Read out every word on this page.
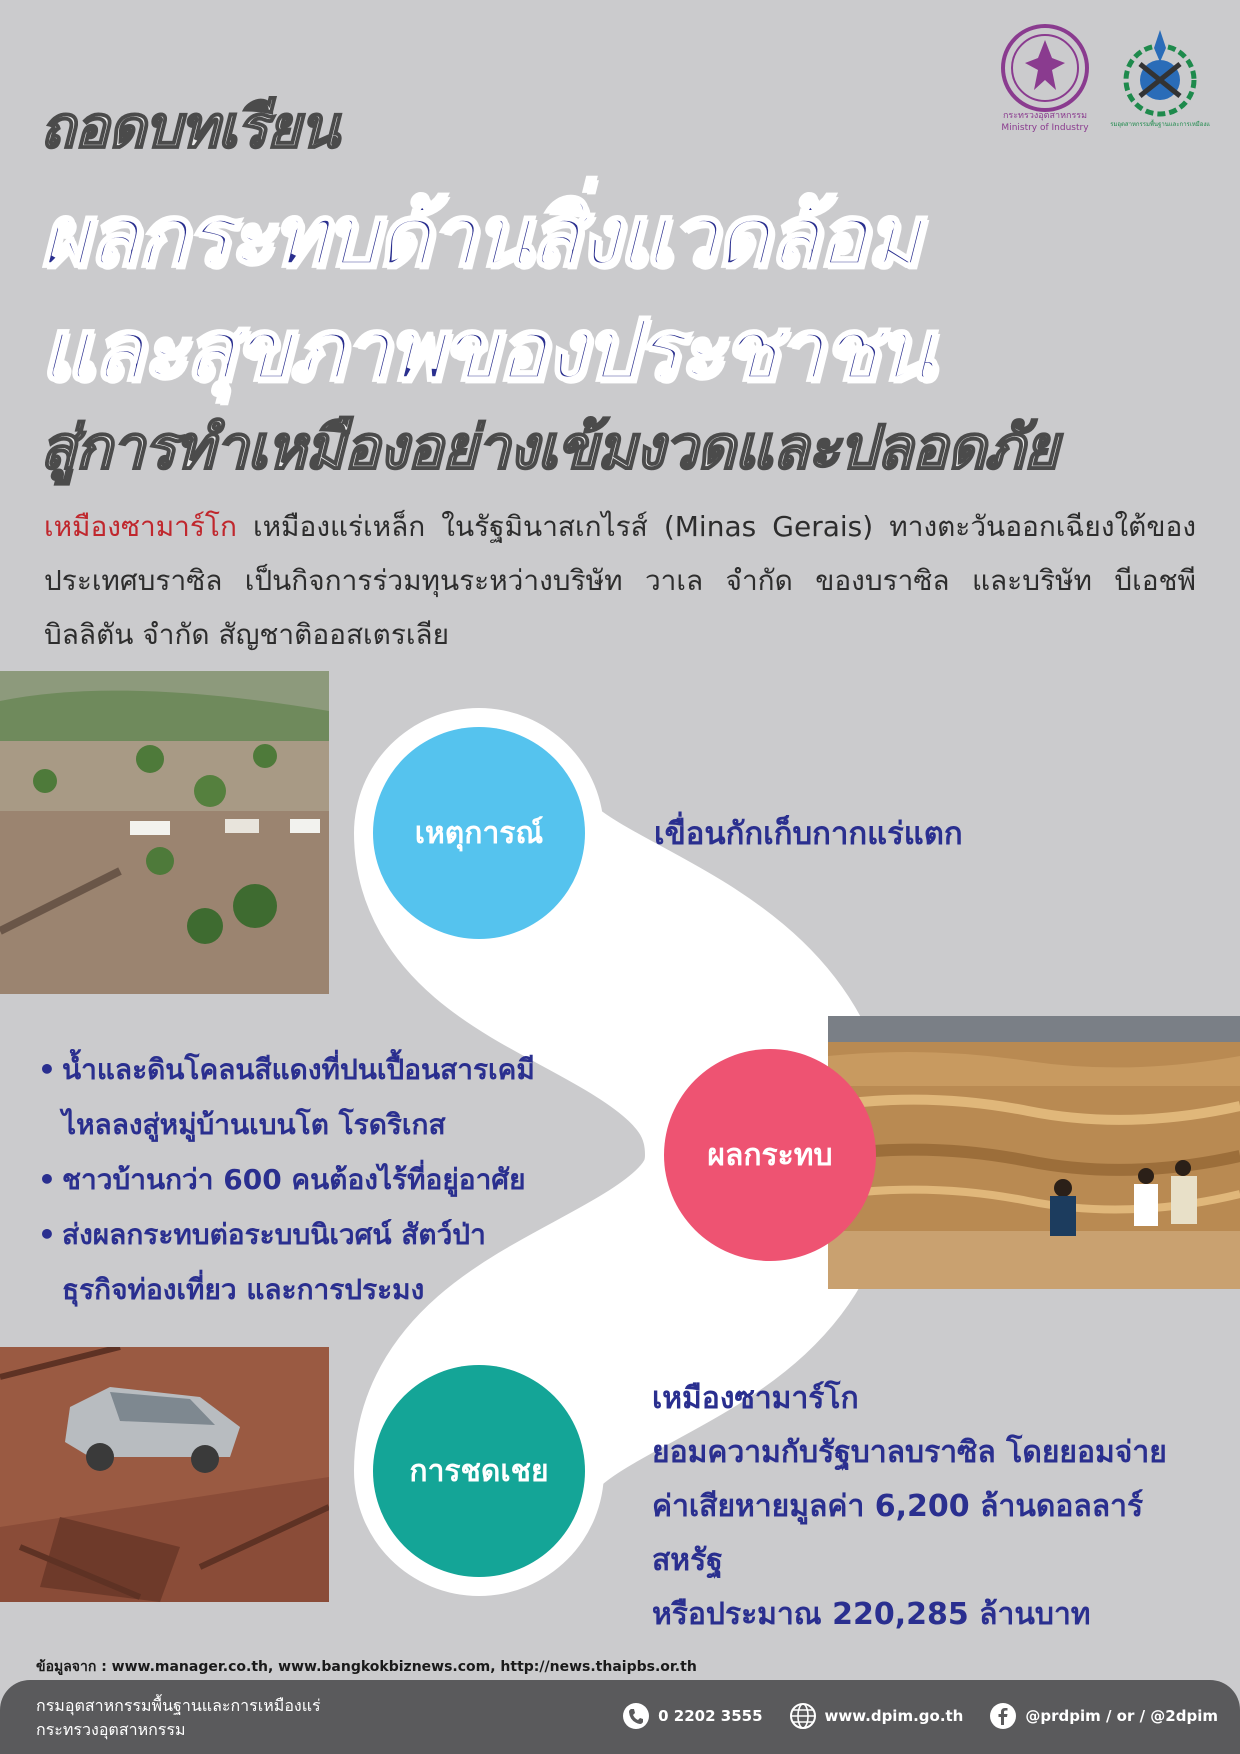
กระทรวงอุตสาหกรรม
Ministry of Industry	กรมอุตสาหกรรมพื้นฐานและการเหมืองแร่
ถอดบทเรียน
ผลกระทบด้านสิ่งแวดล้อม
และสุขภาพของประชาชน
สู่การทำเหมืองอย่างเข้มงวดและปลอดภัย
เหมืองซามาร์โก เหมืองแร่เหล็ก ในรัฐมินาสเกไรส์ (Minas Gerais) ทางตะวันออกเฉียงใต้ของประเทศบราซิล เป็นกิจการร่วมทุนระหว่างบริษัท วาเล จำกัด ของบราซิล และบริษัท บีเอชพี บิลลิตัน จำกัด สัญชาติออสเตรเลีย
เหตุการณ์
ผลกระทบ
การชดเชย
เขื่อนกักเก็บกากแร่แตก
• น้ำและดินโคลนสีแดงที่ปนเปื้อนสารเคมี
ไหลลงสู่หมู่บ้านเบนโต โรดริเกส
• ชาวบ้านกว่า 600 คนต้องไร้ที่อยู่อาศัย
• ส่งผลกระทบต่อระบบนิเวศน์ สัตว์ป่า
ธุรกิจท่องเที่ยว และการประมง
เหมืองซามาร์โก
ยอมความกับรัฐบาลบราซิล โดยยอมจ่าย
ค่าเสียหายมูลค่า 6,200 ล้านดอลลาร์สหรัฐ
หรือประมาณ 220,285 ล้านบาท
ข้อมูลจาก : www.manager.co.th, www.bangkokbiznews.com, http://news.thaipbs.or.th
กรมอุตสาหกรรมพื้นฐานและการเหมืองแร่
กระทรวงอุตสาหกรรม
0 2202 3555	www.dpim.go.th	@prdpim / or / @2dpim
